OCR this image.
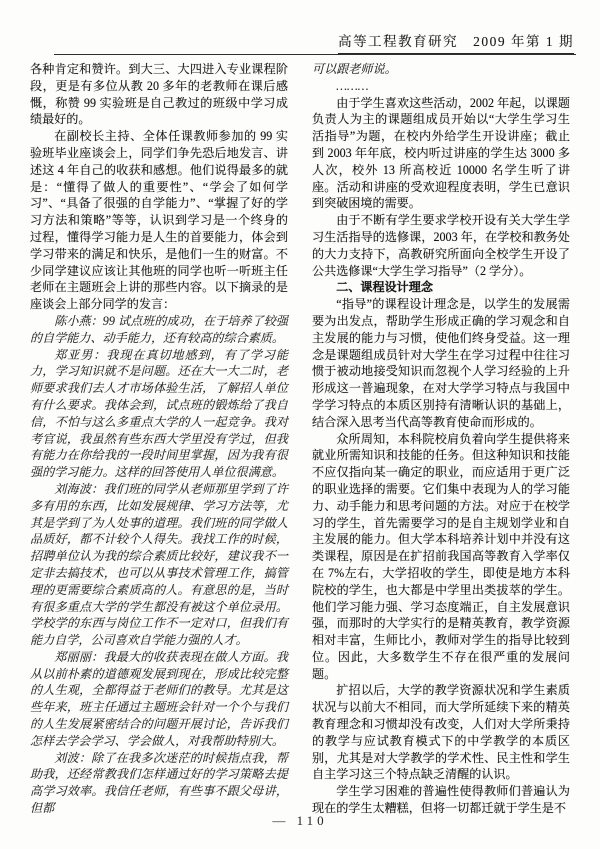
高等工程教育研究　2009 年第 1 期

各种肯定和赞许。到大三、大四进入专业课程阶段，更是有多位从教 20 多年的老教师在课后感慨，称赞 99 实验班是自己教过的班级中学习成绩最好的。

在副校长主持、全体任课教师参加的 99 实验班毕业座谈会上，同学们争先恐后地发言、讲述这 4 年自己的收获和感想。他们说得最多的就是：“懂得了做人的重要性”、“学会了如何学习”、“具备了很强的自学能力”、“掌握了好的学习方法和策略”等等，认识到学习是一个终身的过程，懂得学习能力是人生的首要能力，体会到学习带来的满足和快乐，是他们一生的财富。不少同学建议应该让其他班的同学也听一听班主任老师在主题班会上讲的那些内容。以下摘录的是座谈会上部分同学的发言：

陈小燕：99 试点班的成功，在于培养了较强的自学能力、动手能力，还有较高的综合素质。

郑亚男：我现在真切地感到，有了学习能力，学习知识就不是问题。还在大一大二时，老师要求我们去人才市场体验生活，了解招人单位有什么要求。我体会到，试点班的锻炼给了我自信，不怕与这么多重点大学的人一起竞争。我对考官说，我虽然有些东西大学里没有学过，但我有能力在你给我的一段时间里掌握，因为我有很强的学习能力。这样的回答使用人单位很满意。

刘海波：我们班的同学从老师那里学到了许多有用的东西，比如发展规律、学习方法等，尤其是学到了为人处事的道理。我们班的同学做人品质好，都不计较个人得失。我找工作的时候，招聘单位认为我的综合素质比较好，建议我不一定非去搞技术，也可以从事技术管理工作，搞管理的更需要综合素质高的人。有意思的是，当时有很多重点大学的学生都没有被这个单位录用。学校学的东西与岗位工作不一定对口，但我们有能力自学，公司喜欢自学能力强的人才。

郑丽丽：我最大的收获表现在做人方面。我从以前朴素的道德观发展到现在，形成比较完整的人生观，全都得益于老师们的教导。尤其是这些年来，班主任通过主题班会针对一个个与我们的人生发展紧密结合的问题开展讨论，告诉我们怎样去学会学习、学会做人，对我帮助特别大。

刘波：除了在我多次迷茫的时候指点我，帮助我，还经常教我们怎样通过好的学习策略去提高学习效率。我信任老师，有些事不跟父母讲，但都

可以跟老师说。

………

由于学生喜欢这些活动，2002 年起，以课题负责人为主的课题组成员开始以“大学生学习生活指导”为题，在校内外给学生开设讲座；截止到 2003 年年底，校内听过讲座的学生达 3000 多人次，校外 13 所高校近 10000 名学生听了讲座。活动和讲座的受欢迎程度表明，学生已意识到突破困境的需要。

由于不断有学生要求学校开设有关大学生学习生活指导的选修课，2003 年，在学校和教务处的大力支持下，高教研究所面向全校学生开设了公共选修课“大学生学习指导”（2 学分）。

二、课程设计理念

“指导”的课程设计理念是，以学生的发展需要为出发点，帮助学生形成正确的学习观念和自主发展的能力与习惯，使他们终身受益。这一理念是课题组成员针对大学生在学习过程中往往习惯于被动地接受知识而忽视个人学习经验的上升形成这一普遍现象，在对大学学习特点与我国中学学习特点的本质区别持有清晰认识的基础上，结合深入思考当代高等教育使命而形成的。

众所周知，本科院校肩负着向学生提供将来就业所需知识和技能的任务。但这种知识和技能不应仅指向某一确定的职业，而应适用于更广泛的职业选择的需要。它们集中表现为人的学习能力、动手能力和思考问题的方法。对应于在校学习的学生，首先需要学习的是自主规划学业和自主发展的能力。但大学本科培养计划中并没有这类课程，原因是在扩招前我国高等教育入学率仅在 7%左右，大学招收的学生，即使是地方本科院校的学生，也大都是中学里出类拔萃的学生。他们学习能力强、学习态度端正，自主发展意识强，而那时的大学实行的是精英教育，教学资源相对丰富，生师比小，教师对学生的指导比较到位。因此，大多数学生不存在很严重的发展问题。

扩招以后，大学的教学资源状况和学生素质状况与以前大不相同，而大学所延续下来的精英教育理念和习惯却没有改变，人们对大学所秉持的教学与应试教育模式下的中学教学的本质区别，尤其是对大学教学的学术性、民主性和学生自主学习这三个特点缺乏清醒的认识。

学生学习困难的普遍性使得教师们普遍认为现在的学生太糟糕，但将一切都迁就于学生是不

— 110
